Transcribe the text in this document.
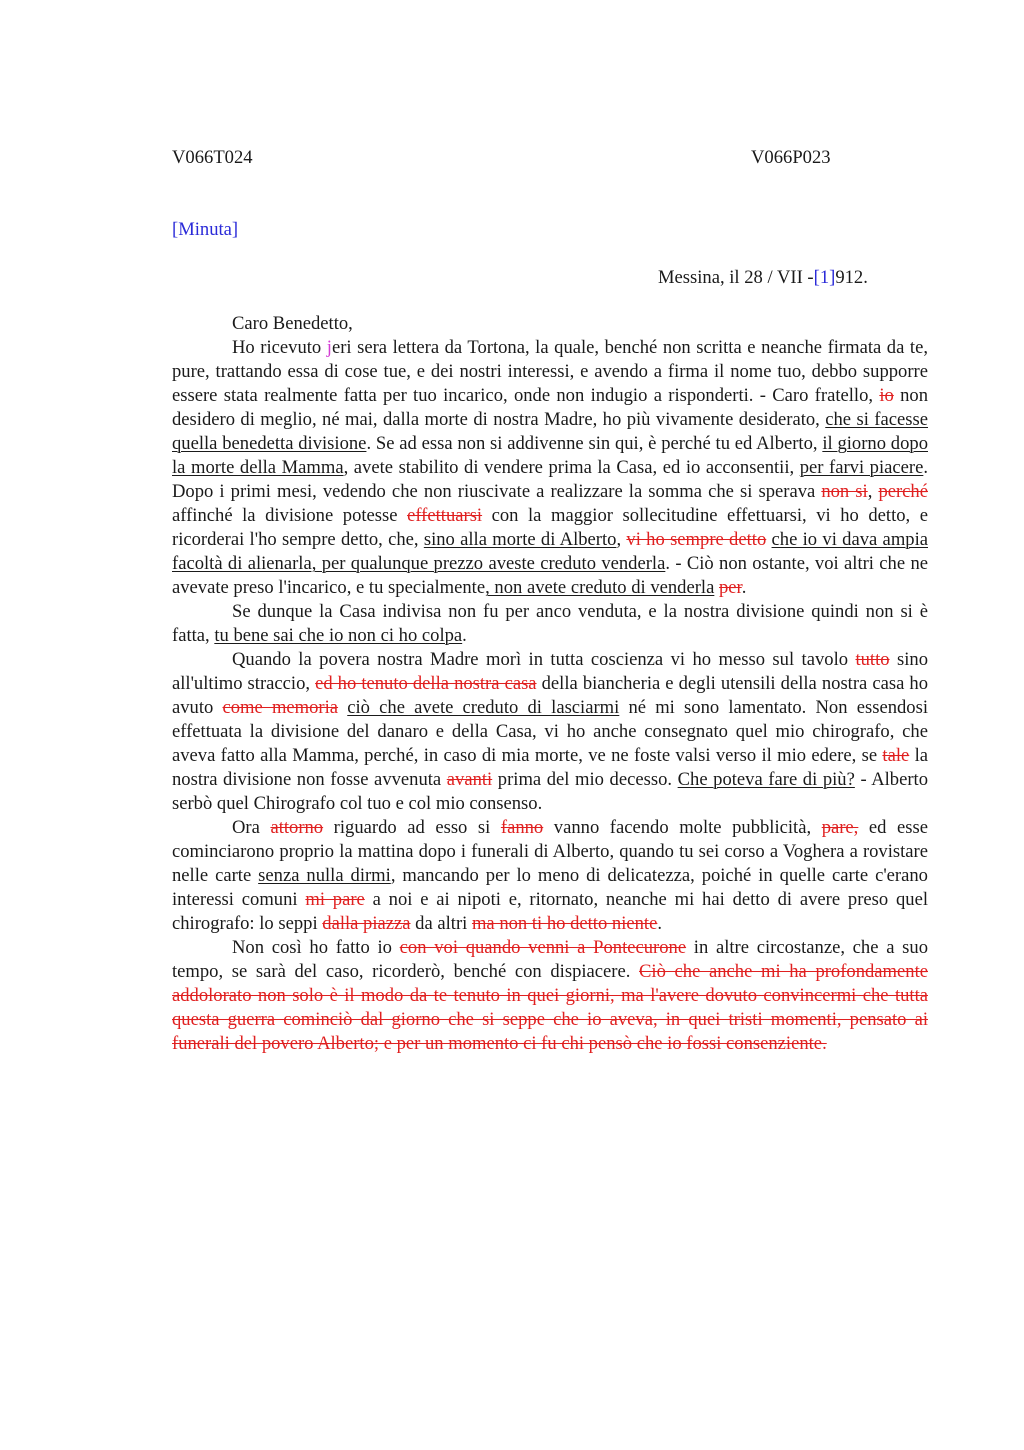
V066T024	V066P023
[Minuta]
Messina, il 28 / VII -[1]912.

Caro Benedetto,

Ho ricevuto jeri sera lettera da Tortona, la quale, benché non scritta e neanche firmata da te, pure, trattando essa di cose tue, e dei nostri interessi, e avendo a firma il nome tuo, debbo supporre essere stata realmente fatta per tuo incarico, onde non indugio a risponderti. - Caro fratello, io non desidero di meglio, né mai, dalla morte di nostra Madre, ho più vivamente desiderato, che si facesse quella benedetta divisione. Se ad essa non si addivenne sin qui, è perché tu ed Alberto, il giorno dopo la morte della Mamma, avete stabilito di vendere prima la Casa, ed io acconsentii, per farvi piacere. Dopo i primi mesi, vedendo che non riuscivate a realizzare la somma che si sperava non si, perché affinché la divisione potesse effettuarsi con la maggior sollecitudine effettuarsi, vi ho detto, e ricorderai l'ho sempre detto, che, sino alla morte di Alberto, vi ho sempre detto che io vi dava ampia facoltà di alienarla, per qualunque prezzo aveste creduto venderla. - Ciò non ostante, voi altri che ne avevate preso l'incarico, e tu specialmente, non avete creduto di venderla per.

Se dunque la Casa indivisa non fu per anco venduta, e la nostra divisione quindi non si è fatta, tu bene sai che io non ci ho colpa.

Quando la povera nostra Madre morì in tutta coscienza vi ho messo sul tavolo tutto sino all'ultimo straccio, ed ho tenuto della nostra casa della biancheria e degli utensili della nostra casa ho avuto come memoria ciò che avete creduto di lasciarmi né mi sono lamentato. Non essendosi effettuata la divisione del danaro e della Casa, vi ho anche consegnato quel mio chirografo, che aveva fatto alla Mamma, perché, in caso di mia morte, ve ne foste valsi verso il mio edere, se tale la nostra divisione non fosse avvenuta avanti prima del mio decesso. Che poteva fare di più? - Alberto serbò quel Chirografo col tuo e col mio consenso.

Ora attorno riguardo ad esso si fanno vanno facendo molte pubblicità, pare, ed esse cominciarono proprio la mattina dopo i funerali di Alberto, quando tu sei corso a Voghera a rovistare nelle carte senza nulla dirmi, mancando per lo meno di delicatezza, poiché in quelle carte c'erano interessi comuni mi pare a noi e ai nipoti e, ritornato, neanche mi hai detto di avere preso quel chirografo: lo seppi dalla piazza da altri ma non ti ho detto niente.

Non così ho fatto io con voi quando venni a Pontecurone in altre circostanze, che a suo tempo, se sarà del caso, ricorderò, benché con dispiacere. Ciò che anche mi ha profondamente addolorato non solo è il modo da te tenuto in quei giorni, ma l'avere dovuto convincermi che tutta questa guerra cominciò dal giorno che si seppe che io aveva, in quei tristi momenti, pensato ai funerali del povero Alberto; e per un momento ci fu chi pensò che io fossi consenziente.
